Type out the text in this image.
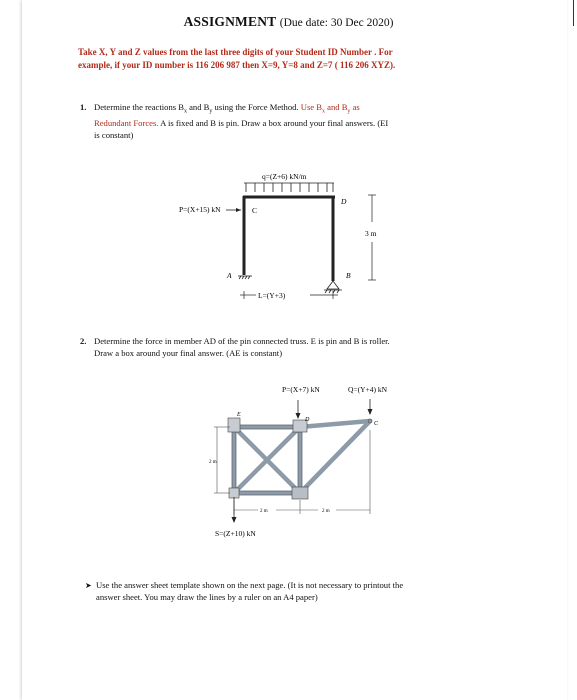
ASSIGNMENT (Due date: 30 Dec 2020)
Take X, Y and Z values from the last three digits of your Student ID Number . For
example, if your ID number is 116 206 987 then X=9, Y=8 and Z=7 ( 116 206 XYZ).
1. Determine the reactions $B_x$ and $B_y$ using the Force Method. Use $B_x$ and $B_y$ as
Redundant Forces. A is fixed and B is pin. Draw a box around your final answers. (EI
is constant)
q=(Z+6) kN/m
P=(X+15) kN	C
D
A	B
3 m
L=(Y+3)
2. Determine the force in member AD of the pin connected truss. E is pin and B is roller.
Draw a box around your final answer. (AE is constant)
P=(X+7) kN	Q=(Y+4) kN
E
D
C
2 m
2 m	2 m
S=(Z+10) kN
➤ Use the answer sheet template shown on the next page. (It is not necessary to printout the
answer sheet. You may draw the lines by a ruler on an A4 paper)
